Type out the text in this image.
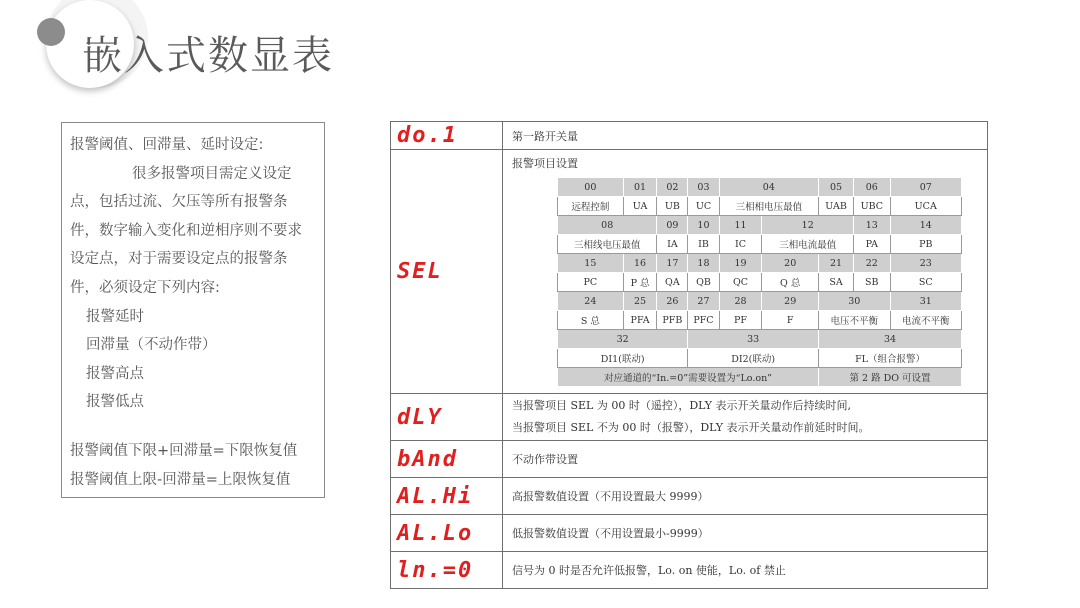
嵌入式数显表
报警阈值、回滞量、延时设定:
很多报警项目需定义设定点，包括过流、欠压等所有报警条件，数字输入变化和逆相序则不要求设定点，对于需要设定点的报警条件，必须设定下列内容:
报警延时
回滞量（不动作带）
报警高点
报警低点
报警阈值下限+回滞量=下限恢复值
报警阈值上限-回滞量=上限恢复值
do.1	第一路开关量
SEL	
报警项目设置
00	01	02	03	04	05	06	07
远程控制	UA	UB	UC	三相相电压最值	UAB	UBC	UCA
08	09	10	11	12	13	14
三相线电压最值	IA	IB	IC	三相电流最值	PA	PB
15	16	17	18	19	20	21	22	23
PC	P 总	QA	QB	QC	Q 总	SA	SB	SC
24	25	26	27	28	29	30	31
S 总	PFA	PFB	PFC	PF	F	电压不平衡	电流不平衡
32	33	34
DI1(联动)	DI2(联动)	FL（组合报警）
对应通道的“In.=0”需要设置为“Lo.on”	第 2 路 DO 可设置

dLY	当报警项目 SEL 为 00 时（遥控），DLY 表示开关量动作后持续时间,
当报警项目 SEL 不为 00 时（报警），DLY 表示开关量动作前延时时间。

bAnd	不动作带设置
AL.Hi	高报警数值设置（不用设置最大 9999）
AL.Lo	低报警数值设置（不用设置最小-9999）
ln.=0	信号为 0 时是否允许低报警，Lo. on 使能，Lo. of 禁止
